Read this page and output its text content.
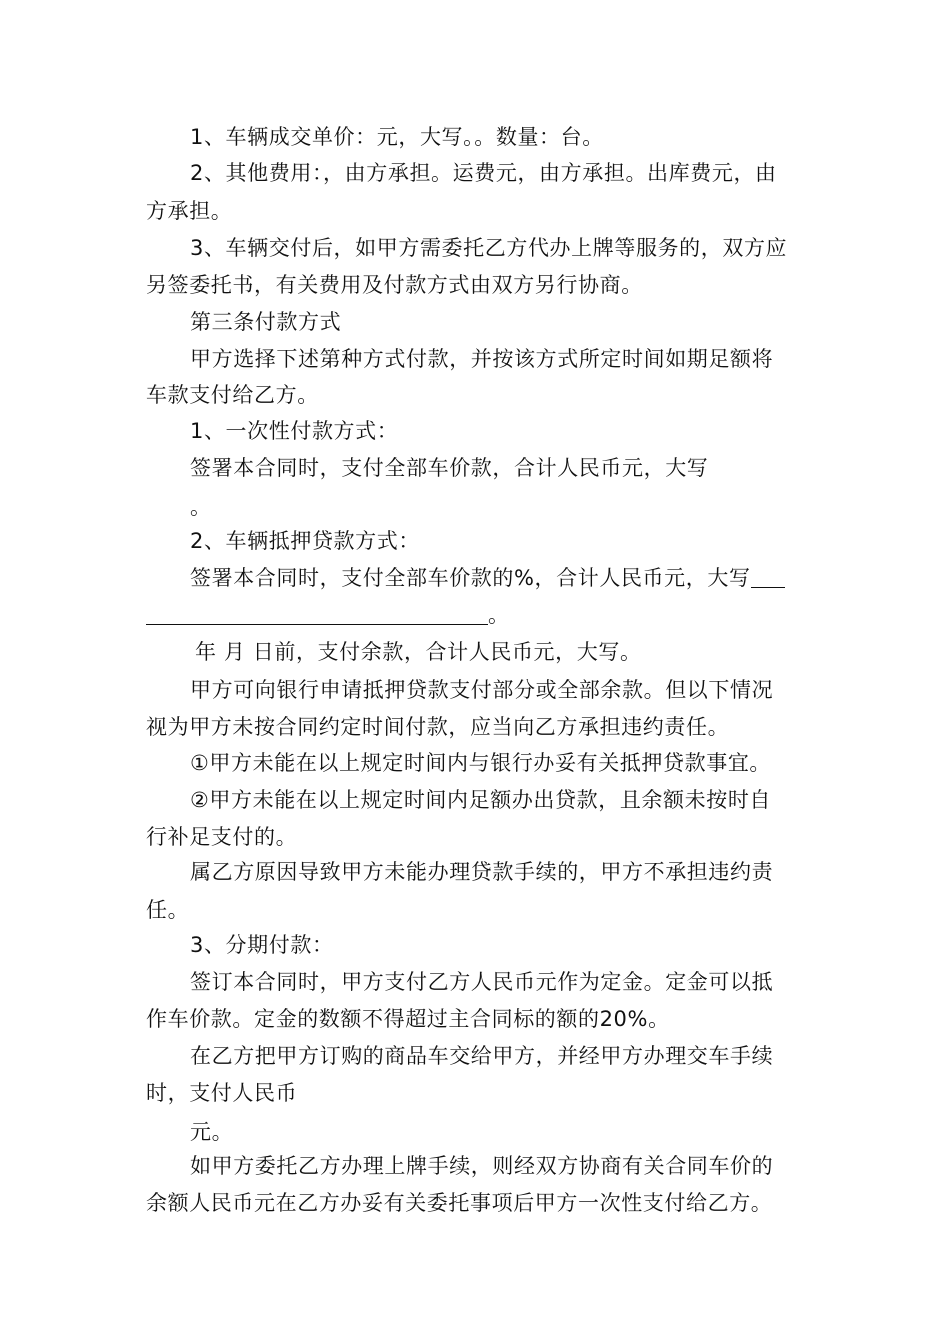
1、车辆成交单价：元，大写。。数量：台。
2、其他费用：，由方承担。运费元，由方承担。出库费元，由
方承担。
3、车辆交付后，如甲方需委托乙方代办上牌等服务的，双方应
另签委托书，有关费用及付款方式由双方另行协商。
第三条付款方式
甲方选择下述第种方式付款，并按该方式所定时间如期足额将
车款支付给乙方。
1、一次性付款方式：
签署本合同时，支付全部车价款，合计人民币元，大写
。
2、车辆抵押贷款方式：
签署本合同时，支付全部车价款的%，合计人民币元，大写
。
年 月 日前，支付余款，合计人民币元，大写。
甲方可向银行申请抵押贷款支付部分或全部余款。但以下情况
视为甲方未按合同约定时间付款，应当向乙方承担违约责任。
①甲方未能在以上规定时间内与银行办妥有关抵押贷款事宜。
②甲方未能在以上规定时间内足额办出贷款，且余额未按时自
行补足支付的。
属乙方原因导致甲方未能办理贷款手续的，甲方不承担违约责
任。
3、分期付款：
签订本合同时，甲方支付乙方人民币元作为定金。定金可以抵
作车价款。定金的数额不得超过主合同标的额的20%。
在乙方把甲方订购的商品车交给甲方，并经甲方办理交车手续
时，支付人民币
元。
如甲方委托乙方办理上牌手续，则经双方协商有关合同车价的
余额人民币元在乙方办妥有关委托事项后甲方一次性支付给乙方。
